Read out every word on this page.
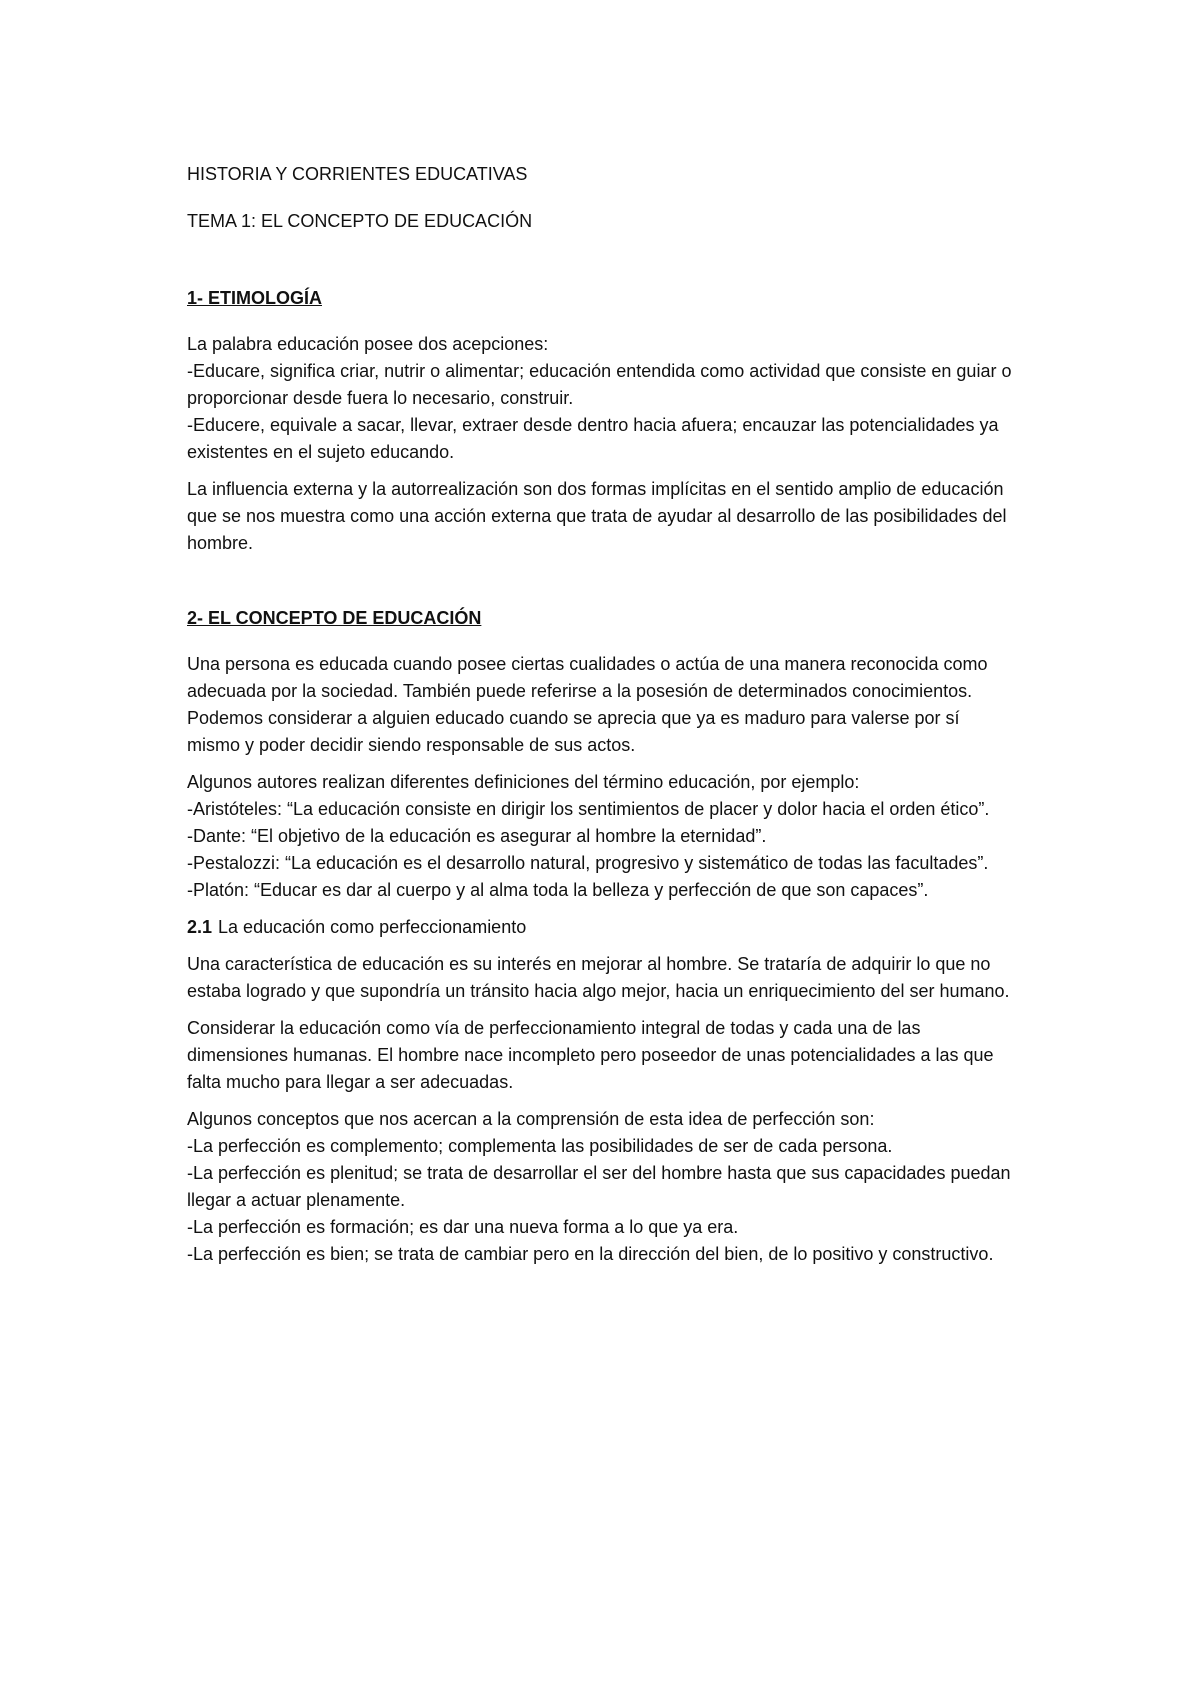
HISTORIA Y CORRIENTES EDUCATIVAS

TEMA 1: EL CONCEPTO DE EDUCACIÓN

1- ETIMOLOGÍA

La palabra educación posee dos acepciones:

-Educare, significa criar, nutrir o alimentar; educación entendida como actividad que consiste en guiar o proporcionar desde fuera lo necesario, construir.

-Educere, equivale a sacar, llevar, extraer desde dentro hacia afuera; encauzar las potencialidades ya existentes en el sujeto educando.

La influencia externa y la autorrealización son dos formas implícitas en el sentido amplio de educación que se nos muestra como una acción externa que trata de ayudar al desarrollo de las posibilidades del hombre.

2- EL CONCEPTO DE EDUCACIÓN

Una persona es educada cuando posee ciertas cualidades o actúa de una manera reconocida como adecuada por la sociedad. También puede referirse a la posesión de determinados conocimientos. Podemos considerar a alguien educado cuando se aprecia que ya es maduro para valerse por sí mismo y poder decidir siendo responsable de sus actos.

Algunos autores realizan diferentes definiciones del término educación, por ejemplo:

-Aristóteles: “La educación consiste en dirigir los sentimientos de placer y dolor hacia el orden ético”.

-Dante: “El objetivo de la educación es asegurar al hombre la eternidad”.

-Pestalozzi: “La educación es el desarrollo natural, progresivo y sistemático de todas las facultades”.

-Platón: “Educar es dar al cuerpo y al alma toda la belleza y perfección de que son capaces”.

2.1 La educación como perfeccionamiento

Una característica de educación es su interés en mejorar al hombre. Se trataría de adquirir lo que no estaba logrado y que supondría un tránsito hacia algo mejor, hacia un enriquecimiento del ser humano.

Considerar la educación como vía de perfeccionamiento integral de todas y cada una de las dimensiones humanas. El hombre nace incompleto pero poseedor de unas potencialidades a las que falta mucho para llegar a ser adecuadas.

Algunos conceptos que nos acercan a la comprensión de esta idea de perfección son:

-La perfección es complemento; complementa las posibilidades de ser de cada persona.

-La perfección es plenitud; se trata de desarrollar el ser del hombre hasta que sus capacidades puedan llegar a actuar plenamente.

-La perfección es formación; es dar una nueva forma a lo que ya era.

-La perfección es bien; se trata de cambiar pero en la dirección del bien, de lo positivo y constructivo.
